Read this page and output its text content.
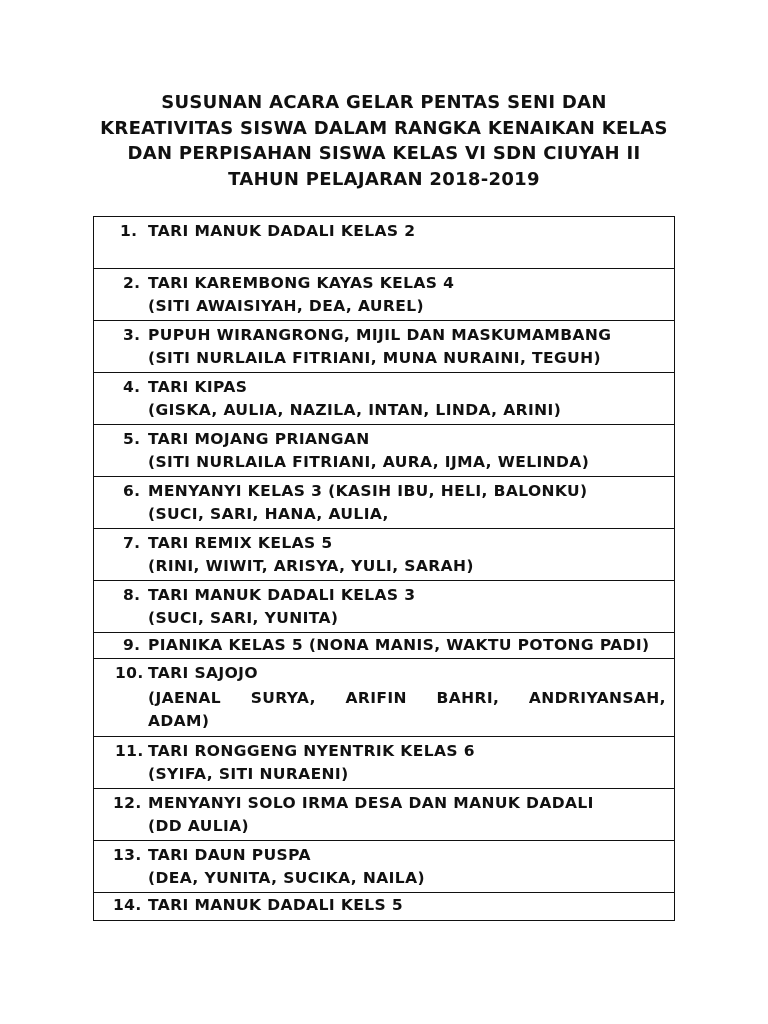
SUSUNAN ACARA GELAR PENTAS SENI DAN
KREATIVITAS SISWA DALAM RANGKA KENAIKAN KELAS
DAN PERPISAHAN SISWA KELAS VI SDN CIUYAH II
TAHUN PELAJARAN 2018-2019
1. TARI MANUK DADALI KELAS 2
2. TARI KAREMBONG KAYAS KELAS 4
(SITI AWAISIYAH, DEA, AUREL)
3. PUPUH WIRANGRONG, MIJIL DAN MASKUMAMBANG
(SITI NURLAILA FITRIANI, MUNA NURAINI, TEGUH)
4. TARI KIPAS
(GISKA, AULIA, NAZILA, INTAN, LINDA, ARINI)
5. TARI MOJANG PRIANGAN
(SITI NURLAILA FITRIANI, AURA, IJMA, WELINDA)
6. MENYANYI KELAS 3 (KASIH IBU, HELI, BALONKU)
(SUCI, SARI, HANA, AULIA,
7. TARI REMIX KELAS 5
(RINI, WIWIT, ARISYA, YULI, SARAH)
8. TARI MANUK DADALI KELAS 3
(SUCI, SARI, YUNITA)
9. PIANIKA KELAS 5 (NONA MANIS, WAKTU POTONG PADI)
10. TARI SAJOJO
(JAENAL SURYA, ARIFIN BAHRI, ANDRIYANSAH,
ADAM)
11. TARI RONGGENG NYENTRIK KELAS 6
(SYIFA, SITI NURAENI)
12. MENYANYI SOLO IRMA DESA DAN MANUK DADALI
(DD AULIA)
13. TARI DAUN PUSPA
(DEA, YUNITA, SUCIKA, NAILA)
14. TARI MANUK DADALI KELS 5
